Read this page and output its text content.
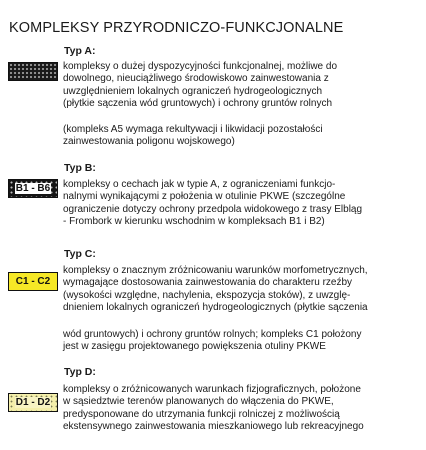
KOMPLEKSY PRZYRODNICZO-FUNKCJONALNE
Typ A:
kompleksy o dużej dyspozycyjności funkcjonalnej, możliwe do
dowolnego, nieuciążliwego środowiskowo zainwestowania z
uwzględnieniem lokalnych ograniczeń hydrogeologicznych
(płytkie sączenia wód gruntowych) i ochrony gruntów rolnych
(kompleks A5 wymaga rekultywacji i likwidacji pozostałości
zainwestowania poligonu wojskowego)
Typ B:
B1 - B6 kompleksy o cechach jak w typie A, z ograniczeniami funkcjo-
nalnymi wynikającymi z położenia w otulinie PKWE (szczególne
ograniczenie dotyczy ochrony przedpola widokowego z trasy Elbląg
- Frombork w kierunku wschodnim w kompleksach B1 i B2)
Typ C:
C1 - C2
kompleksy o znacznym zróżnicowaniu warunków morfometrycznych,
wymagające dostosowania zainwestowania do charakteru rzeźby
(wysokości względne, nachylenia, ekspozycja stoków), z uwzglę-
dnieniem lokalnych ograniczeń hydrogeologicznych (płytkie sączenia
wód gruntowych) i ochrony gruntów rolnych; kompleks C1 położony
jest w zasięgu projektowanego powiększenia otuliny PKWE
Typ D:
D1 - D2
kompleksy o zróżnicowanych warunkach fizjograficznych, położone
w sąsiedztwie terenów planowanych do włączenia do PKWE,
predysponowane do utrzymania funkcji rolniczej z możliwością
ekstensywnego zainwestowania mieszkaniowego lub rekreacyjnego
